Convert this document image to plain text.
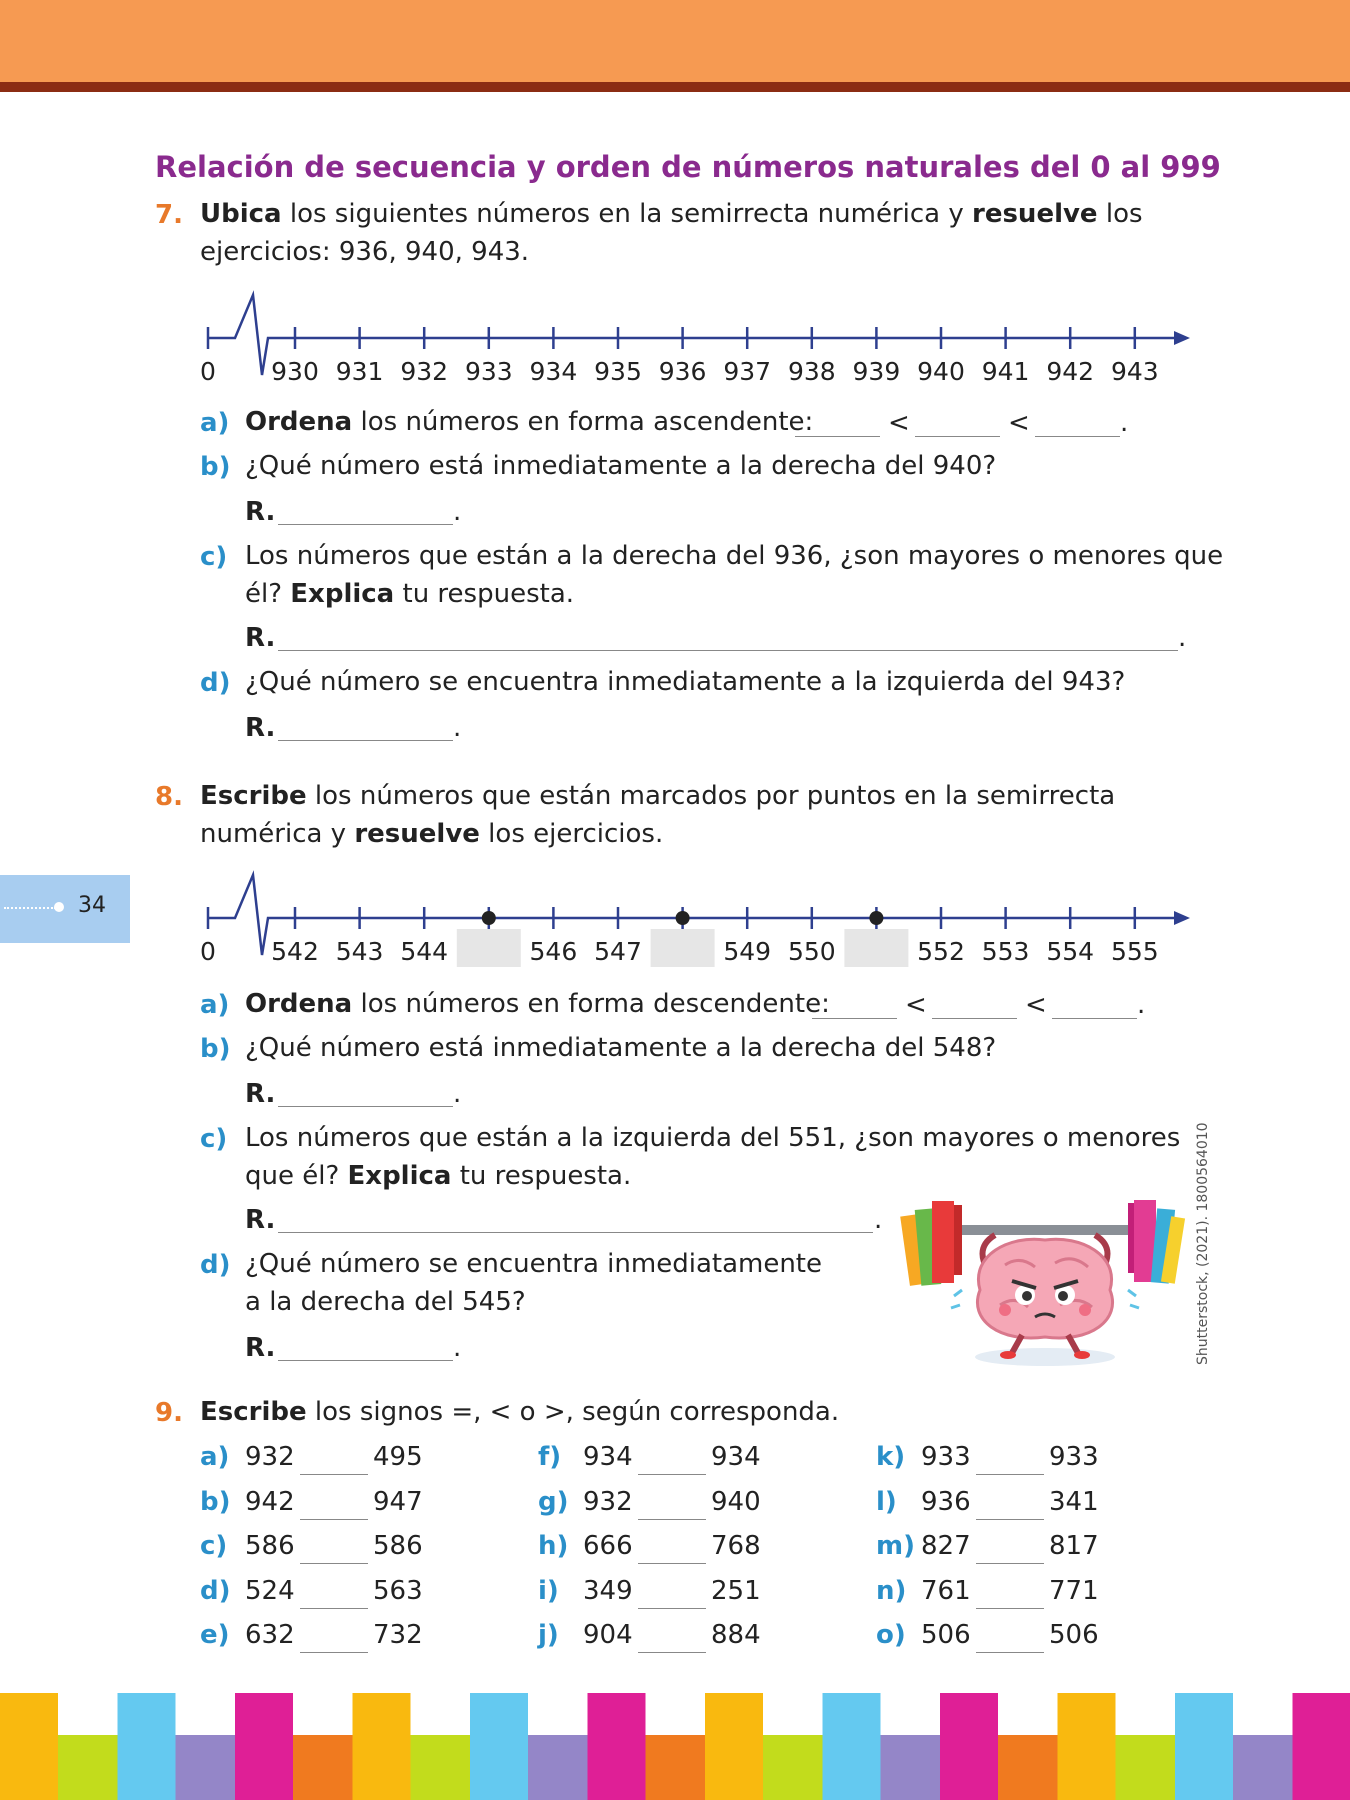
Relación de secuencia y orden de números naturales del 0 al 999
7. Ubica los siguientes números en la semirrecta numérica y resuelve los
ejercicios: 936, 940, 943.
0 930 931 932 933 934 935 936 937 938 939 940 941 942 943
a) Ordena los números en forma ascendente:	<	<	.
b) ¿Qué número está inmediatamente a la derecha del 940?
R.	.
c) Los números que están a la derecha del 936, ¿son mayores o menores que
él? Explica tu respuesta.
R.	.
d) ¿Qué número se encuentra inmediatamente a la izquierda del 943?
R.	.
8. Escribe los números que están marcados por puntos en la semirrecta
numérica y resuelve los ejercicios.
34
0 542 543 544	546 547	549 550	552 553 554 555
a) Ordena los números en forma descendente:	<	<	.
b) ¿Qué número está inmediatamente a la derecha del 548?
R.	.
c) Los números que están a la izquierda del 551, ¿son mayores o menores
que él? Explica tu respuesta.
R.	.
d) ¿Qué número se encuentra inmediatamente
a la derecha del 545?
R.	.	Shutterstock, (2021). 1800564010
9. Escribe los signos =, < o >, según corresponda.
a) 932	495
b) 942	947
c) 586	586
d) 524	563
e) 632	732
f) 934	934
g) 932	940
h) 666	768
i) 349	251
j) 904	884
k) 933	933
l) 936	341
m) 827	817
n) 761	771
o) 506	506
